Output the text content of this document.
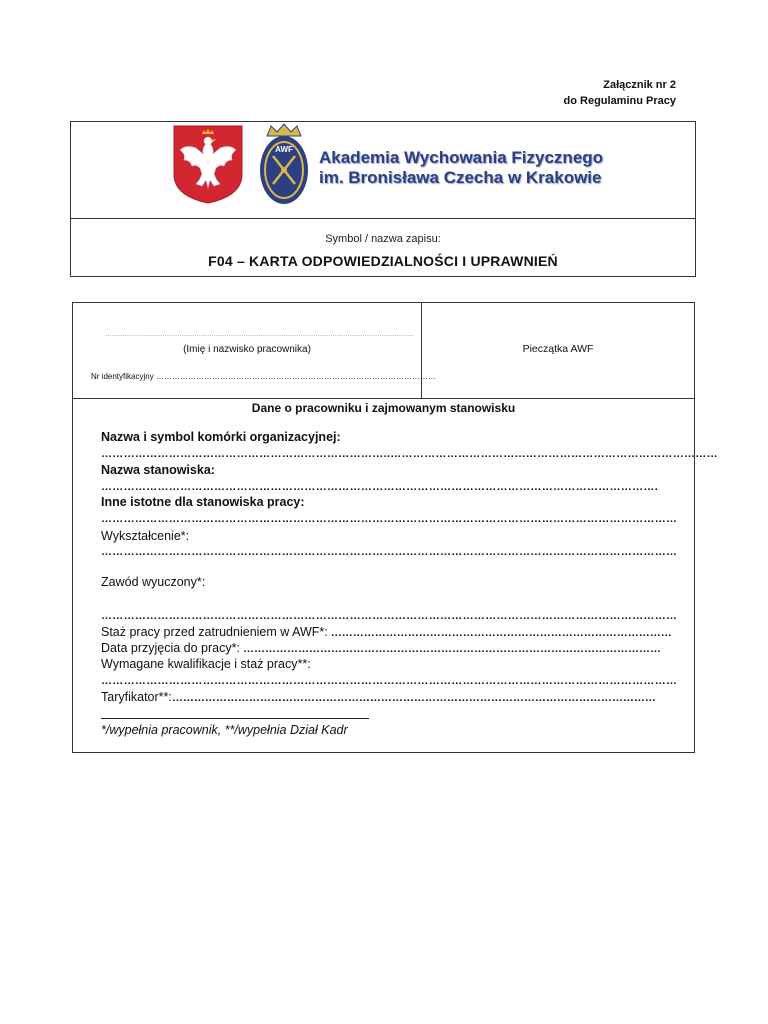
Załącznik nr 2
do Regulaminu Pracy
AWF Akademia Wychowania Fizycznego
im. Bronisława Czecha w Krakowie
Symbol / nazwa zapisu:
F04 – KARTA ODPOWIEDZIALNOŚCI I UPRAWNIEŃ
...................................................................................................................................................................
(Imię i nazwisko pracownika)
Nr identyfikacyjny ……………………………………………………………………………………………
Pieczątka AWF
Dane o pracowniku i zajmowanym stanowisku
Nazwa i symbol komórki organizacyjnej:
…………………………………………………………………..……………………………………………………………………………
Nazwa stanowiska:
………………………………………………………………………………………………………………………………….
Inne istotne dla stanowiska pracy:
………………………………………………………………………………………………………………………………………
Wykształcenie*:
………………………………………………………………………………………………………………………………………
Zawód wyuczony*:
………………………………………………………………………………………………………………………………………
Staż pracy przed zatrudnieniem w AWF*: …………………………………………………………………………………
Data przyjęcia do pracy*: ……………………………………………………………………………………………………
Wymagane kwalifikacje i staż pracy**:
………………………………………………………………………………………………………………………………………
Taryfikator**:……………………………………………………………………………………………………………………
*/wypełnia pracownik, **/wypełnia Dział Kadr
